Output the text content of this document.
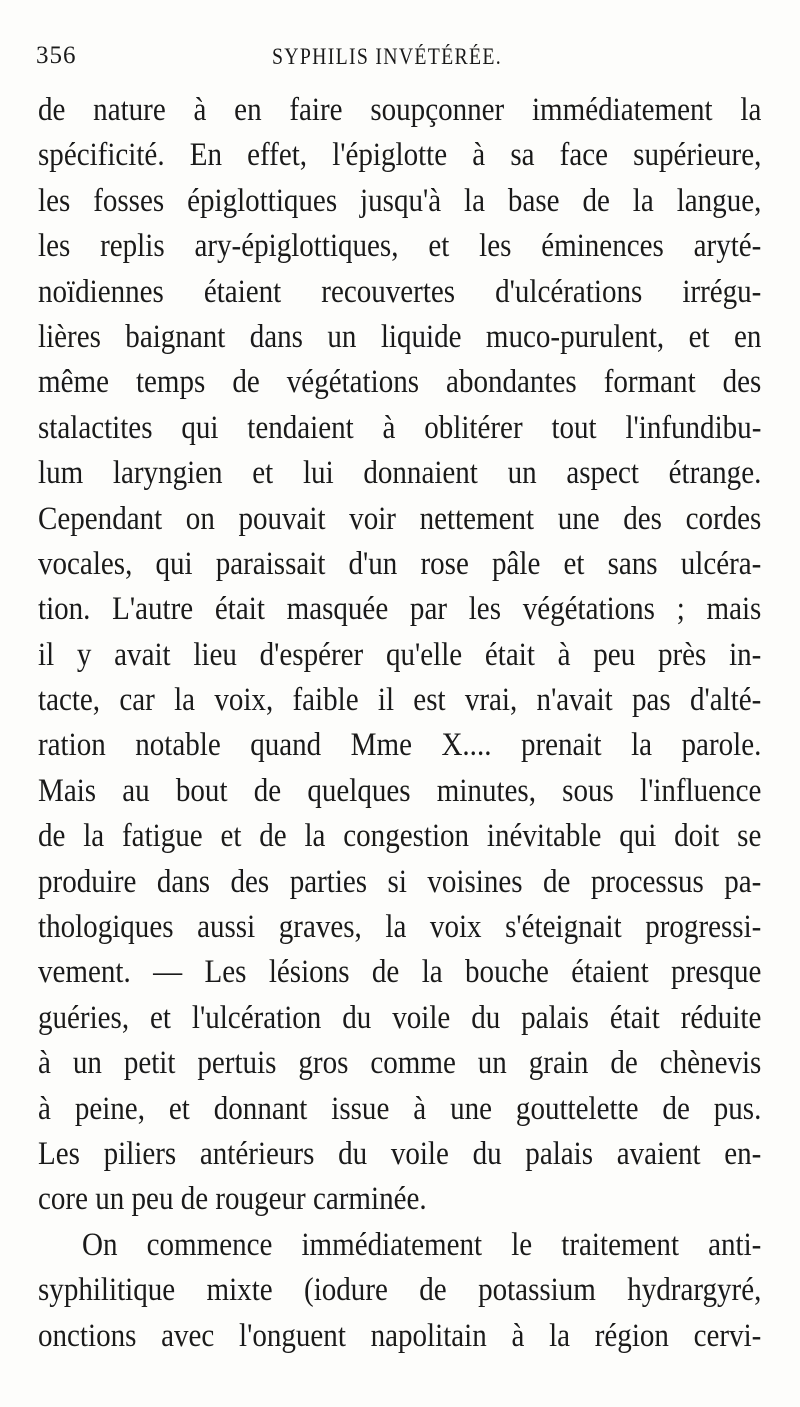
356	SYPHILIS INVÉTÉRÉE.
de nature à en faire soupçonner immédiatement la
spécificité. En effet, l'épiglotte à sa face supérieure,
les fosses épiglottiques jusqu'à la base de la langue,
les replis ary-épiglottiques, et les éminences aryté-
noïdiennes étaient recouvertes d'ulcérations irrégu-
lières baignant dans un liquide muco-purulent, et en
même temps de végétations abondantes formant des
stalactites qui tendaient à oblitérer tout l'infundibu-
lum laryngien et lui donnaient un aspect étrange.
Cependant on pouvait voir nettement une des cordes
vocales, qui paraissait d'un rose pâle et sans ulcéra-
tion. L'autre était masquée par les végétations ; mais
il y avait lieu d'espérer qu'elle était à peu près in-
tacte, car la voix, faible il est vrai, n'avait pas d'alté-
ration notable quand Mme X.... prenait la parole.
Mais au bout de quelques minutes, sous l'influence
de la fatigue et de la congestion inévitable qui doit se
produire dans des parties si voisines de processus pa-
thologiques aussi graves, la voix s'éteignait progressi-
vement. — Les lésions de la bouche étaient presque
guéries, et l'ulcération du voile du palais était réduite
à un petit pertuis gros comme un grain de chènevis
à peine, et donnant issue à une gouttelette de pus.
Les piliers antérieurs du voile du palais avaient en-
core un peu de rougeur carminée.
On commence immédiatement le traitement anti-
syphilitique mixte (iodure de potassium hydrargyré,
onctions avec l'onguent napolitain à la région cervi-
